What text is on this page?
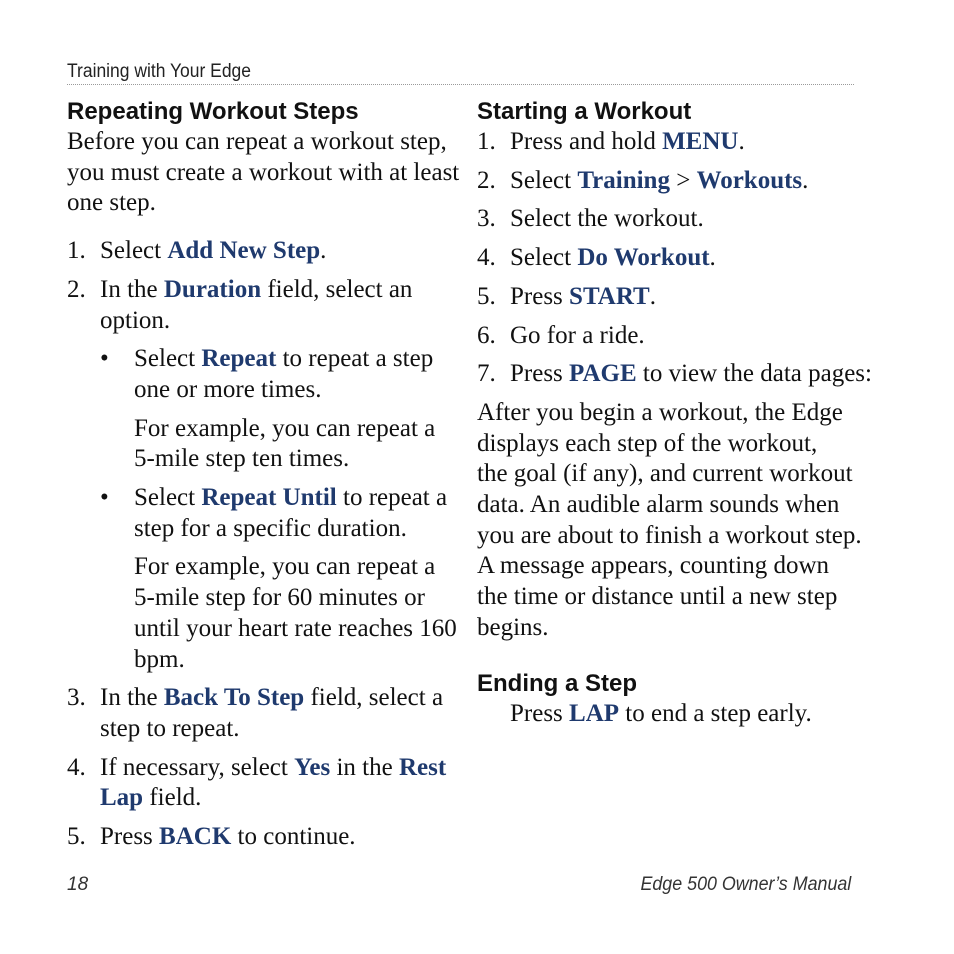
Training with Your Edge
Repeating Workout Steps

Before you can repeat a workout step,
you must create a workout with at least
one step.

1. Select Add New Step.
2. In the Duration field, select an
option.
• Select Repeat to repeat a step
one or more times.
For example, you can repeat a
5-mile step ten times.
• Select Repeat Until to repeat a
step for a specific duration.
For example, you can repeat a
5-mile step for 60 minutes or
until your heart rate reaches 160
bpm.
3. In the Back To Step field, select a
step to repeat.
4. If necessary, select Yes in the Rest
Lap field.
5. Press BACK to continue.
Starting a Workout
1. Press and hold MENU.
2. Select Training > Workouts.
3. Select the workout.
4. Select Do Workout.
5. Press START.
6. Go for a ride.
7. Press PAGE to view the data pages:

After you begin a workout, the Edge
displays each step of the workout,
the goal (if any), and current workout
data. An audible alarm sounds when
you are about to finish a workout step.
A message appears, counting down
the time or distance until a new step
begins.

Ending a Step
Press LAP to end a step early.
18	Edge 500 Owner’s Manual
